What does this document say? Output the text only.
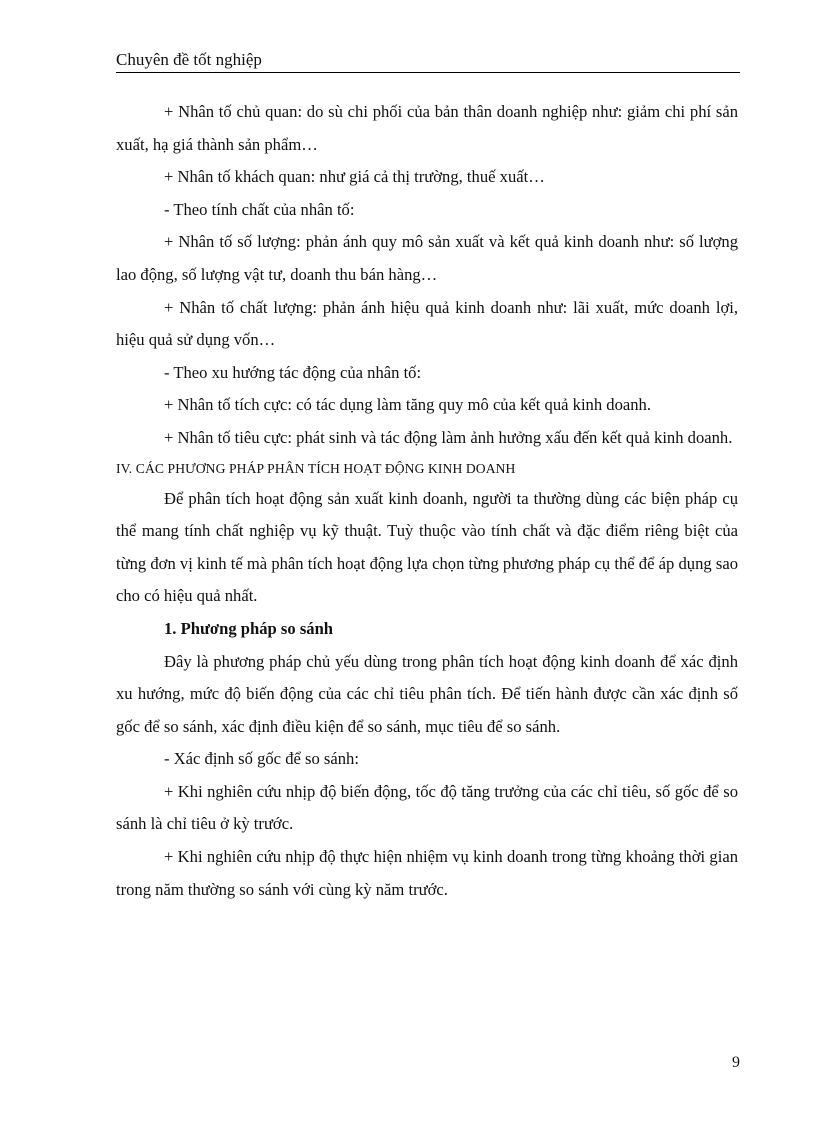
Chuyên đề tốt nghiệp

+ Nhân tố chủ quan: do sù chi phối của bản thân doanh nghiệp như: giảm chi phí sản xuất, hạ giá thành sản phẩm…

+ Nhân tố khách quan: như giá cả thị trường, thuế xuất…

- Theo tính chất của nhân tố:

+ Nhân tố số lượng: phản ánh quy mô sản xuất và kết quả kinh doanh như: số lượng lao động, số lượng vật tư, doanh thu bán hàng…

+ Nhân tố chất lượng: phản ánh hiệu quả kinh doanh như: lãi xuất, mức doanh lợi, hiệu quả sử dụng vốn…

- Theo xu hướng tác động của nhân tố:

+ Nhân tố tích cực: có tác dụng làm tăng quy mô của kết quả kinh doanh.

+ Nhân tố tiêu cực: phát sinh và tác động làm ảnh hưởng xấu đến kết quả kinh doanh.

IV. CÁC PHƯƠNG PHÁP PHÂN TÍCH HOẠT ĐỘNG KINH DOANH

Để phân tích hoạt động sản xuất kinh doanh, người ta thường dùng các biện pháp cụ thể mang tính chất nghiệp vụ kỹ thuật. Tuỳ thuộc vào tính chất và đặc điểm riêng biệt của từng đơn vị kinh tế mà phân tích hoạt động lựa chọn từng phương pháp cụ thể để áp dụng sao cho có hiệu quả nhất.

1. Phương pháp so sánh

Đây là phương pháp chủ yếu dùng trong phân tích hoạt động kinh doanh để xác định xu hướng, mức độ biến động của các chỉ tiêu phân tích. Để tiến hành được cần xác định số gốc để so sánh, xác định điều kiện để so sánh, mục tiêu để so sánh.

- Xác định số gốc để so sánh:

+ Khi nghiên cứu nhịp độ biến động, tốc độ tăng trưởng của các chỉ tiêu, số gốc để so sánh là chỉ tiêu ở kỳ trước.

+ Khi nghiên cứu nhịp độ thực hiện nhiệm vụ kinh doanh trong từng khoảng thời gian trong năm thường so sánh với cùng kỳ năm trước.

9
